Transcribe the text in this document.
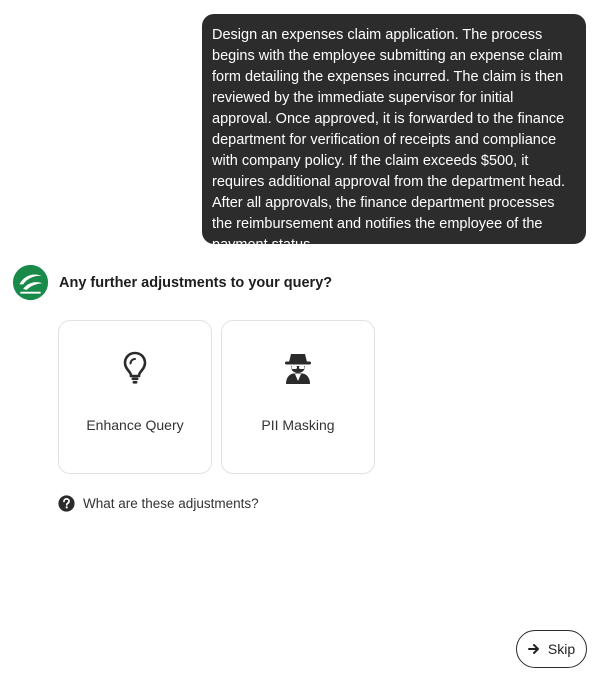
Design an expenses claim application. The process begins with the employee submitting an expense claim form detailing the expenses incurred. The claim is then reviewed by the immediate supervisor for initial approval. Once approved, it is forwarded to the finance department for verification of receipts and compliance with company policy. If the claim exceeds $500, it requires additional approval from the department head. After all approvals, the finance department processes the reimbursement and notifies the employee of the payment status.
Any further adjustments to your query?
Enhance Query	PII Masking
What are these adjustments?
Skip
